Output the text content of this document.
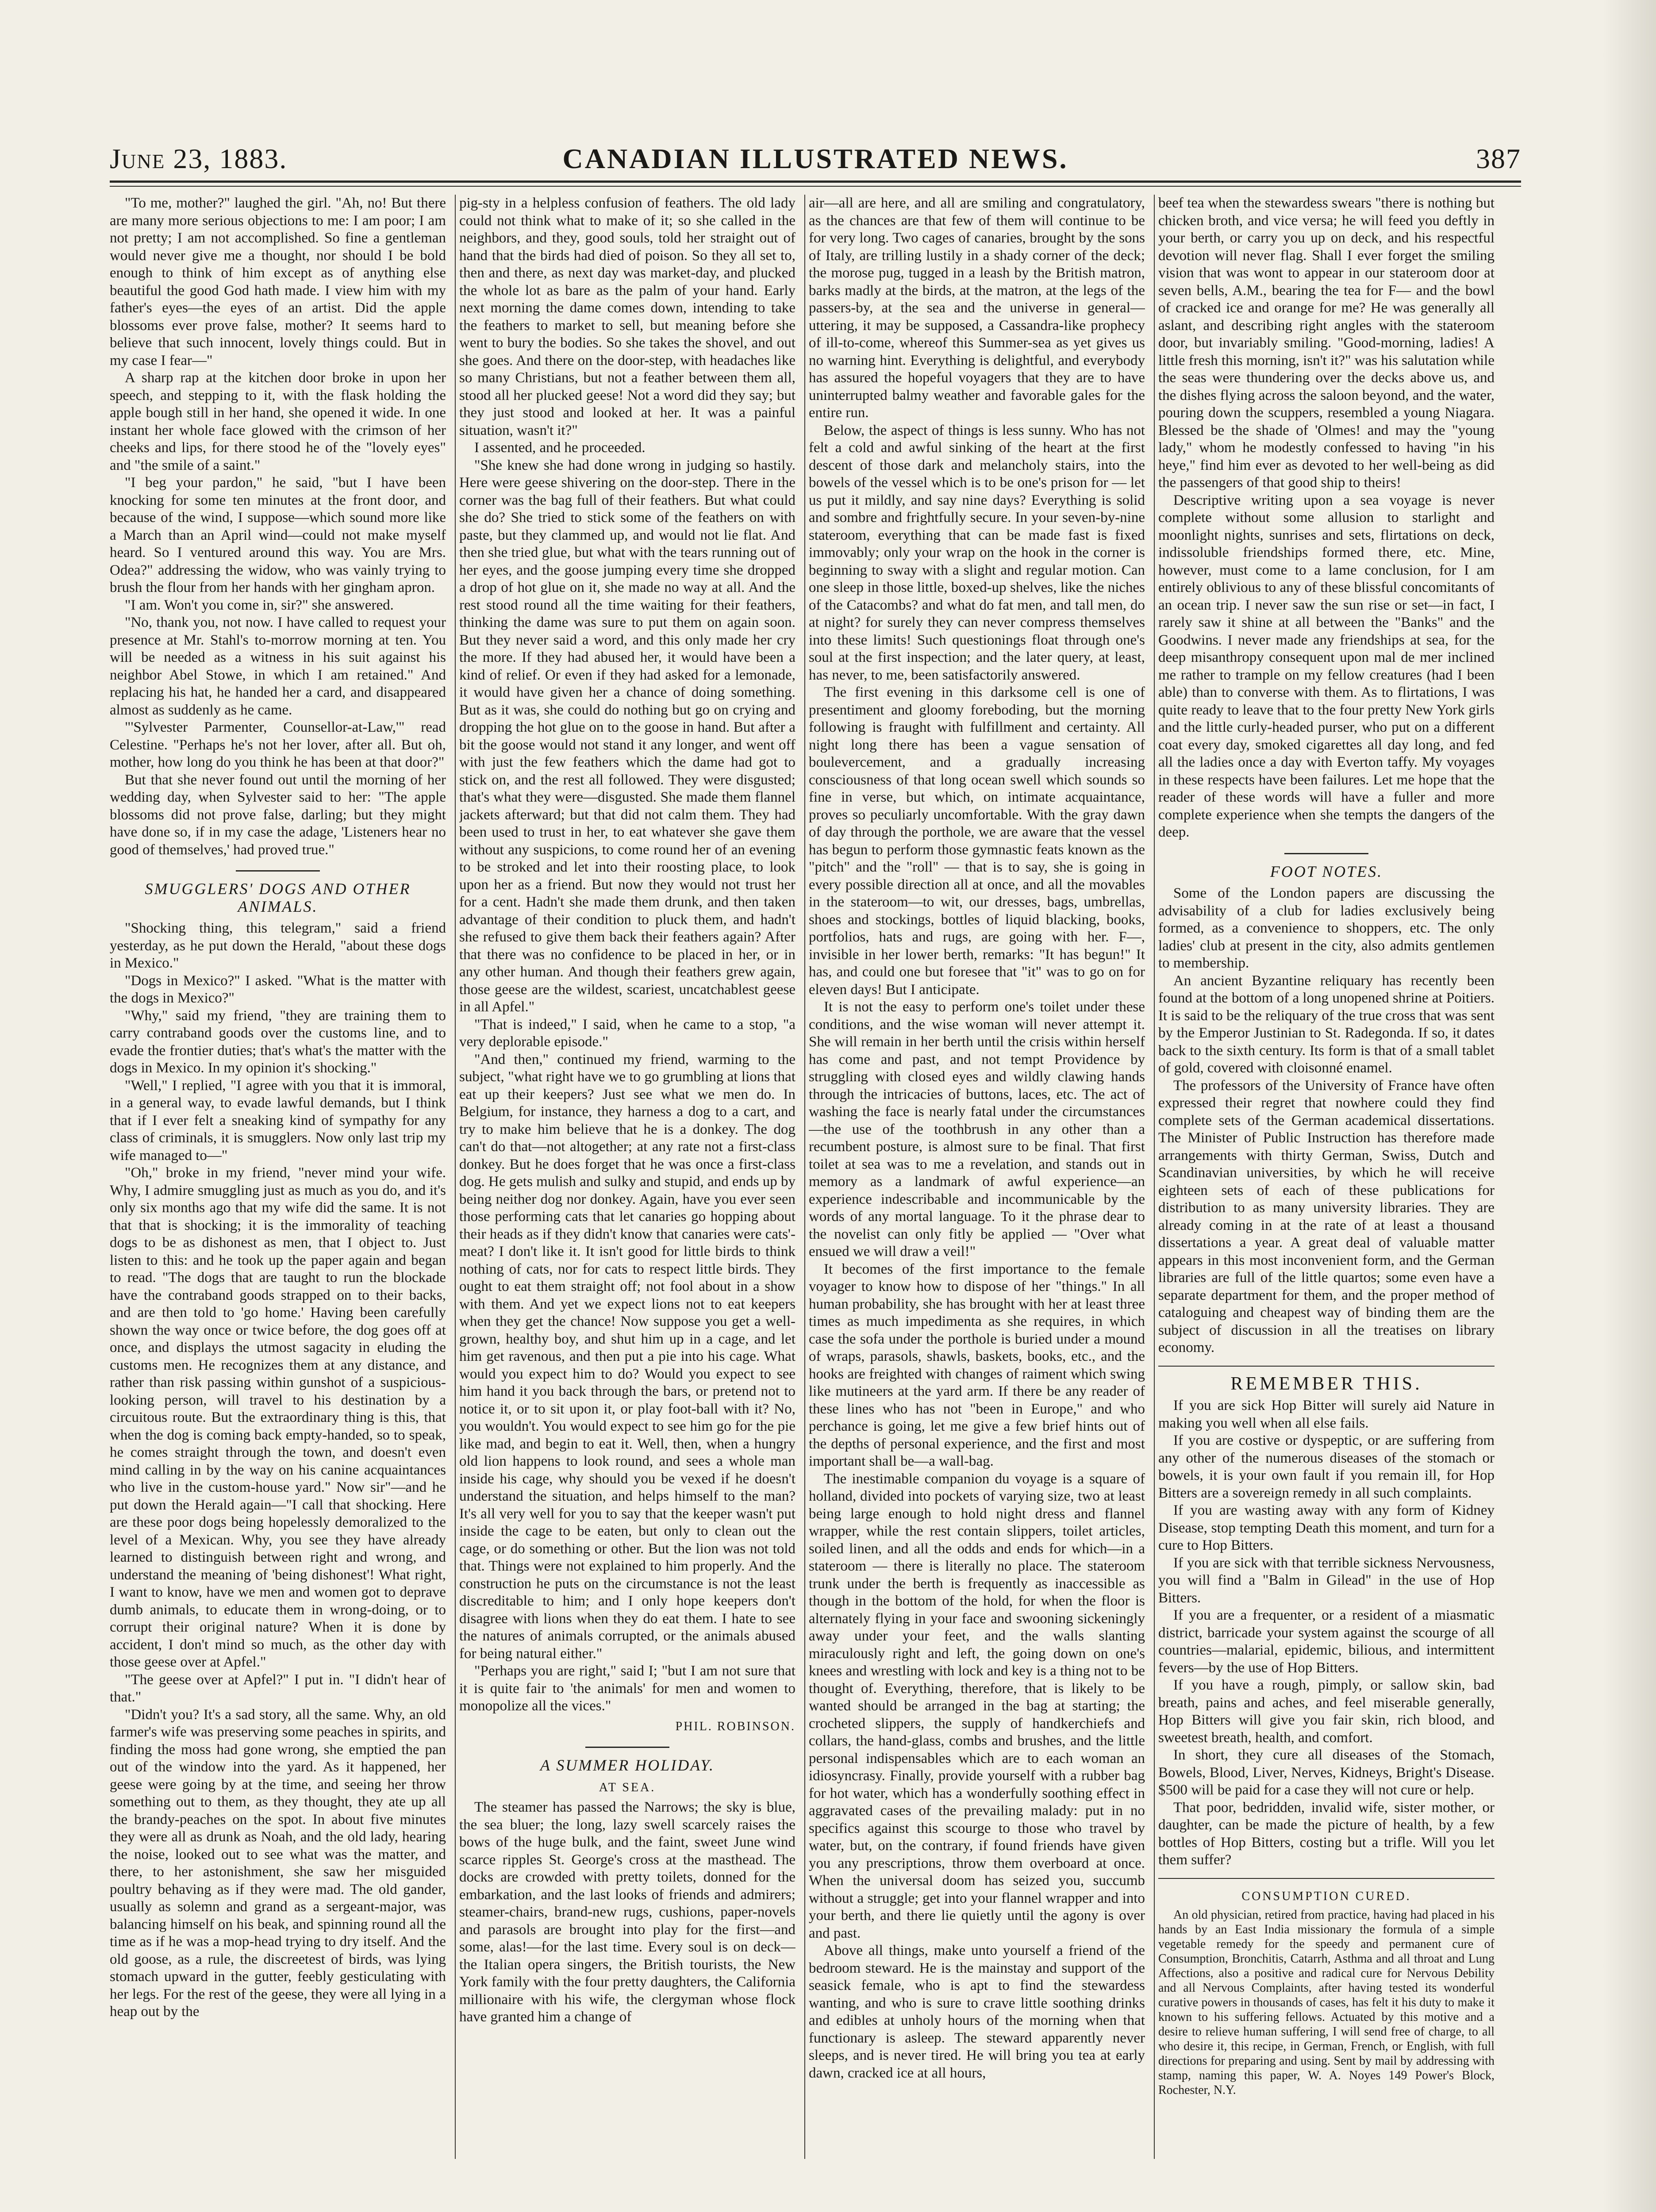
June 23, 1883.	CANADIAN ILLUSTRATED NEWS.	387

"To me, mother?" laughed the girl. "Ah, no! But there are many more serious objections to me: I am poor; I am not pretty; I am not accomplished. So fine a gentleman would never give me a thought, nor should I be bold enough to think of him except as of anything else beautiful the good God hath made. I view him with my father's eyes—the eyes of an artist. Did the apple blossoms ever prove false, mother? It seems hard to believe that such innocent, lovely things could. But in my case I fear—"

A sharp rap at the kitchen door broke in upon her speech, and stepping to it, with the flask holding the apple bough still in her hand, she opened it wide. In one instant her whole face glowed with the crimson of her cheeks and lips, for there stood he of the "lovely eyes" and "the smile of a saint."

"I beg your pardon," he said, "but I have been knocking for some ten minutes at the front door, and because of the wind, I suppose—which sound more like a March than an April wind—could not make myself heard. So I ventured around this way. You are Mrs. Odea?" addressing the widow, who was vainly trying to brush the flour from her hands with her gingham apron.

"I am. Won't you come in, sir?" she answered.

"No, thank you, not now. I have called to request your presence at Mr. Stahl's to-morrow morning at ten. You will be needed as a witness in his suit against his neighbor Abel Stowe, in which I am retained." And replacing his hat, he handed her a card, and disappeared almost as suddenly as he came.

"'Sylvester Parmenter, Counsellor-at-Law,'" read Celestine. "Perhaps he's not her lover, after all. But oh, mother, how long do you think he has been at that door?"

But that she never found out until the morning of her wedding day, when Sylvester said to her: "The apple blossoms did not prove false, darling; but they might have done so, if in my case the adage, 'Listeners hear no good of themselves,' had proved true."

SMUGGLERS' DOGS AND OTHER ANIMALS.

"Shocking thing, this telegram," said a friend yesterday, as he put down the Herald, "about these dogs in Mexico."

"Dogs in Mexico?" I asked. "What is the matter with the dogs in Mexico?"

"Why," said my friend, "they are training them to carry contraband goods over the customs line, and to evade the frontier duties; that's what's the matter with the dogs in Mexico. In my opinion it's shocking."

"Well," I replied, "I agree with you that it is immoral, in a general way, to evade lawful demands, but I think that if I ever felt a sneaking kind of sympathy for any class of criminals, it is smugglers. Now only last trip my wife managed to—"

"Oh," broke in my friend, "never mind your wife. Why, I admire smuggling just as much as you do, and it's only six months ago that my wife did the same. It is not that that is shocking; it is the immorality of teaching dogs to be as dishonest as men, that I object to. Just listen to this: and he took up the paper again and began to read. "The dogs that are taught to run the blockade have the contraband goods strapped on to their backs, and are then told to 'go home.' Having been carefully shown the way once or twice before, the dog goes off at once, and displays the utmost sagacity in eluding the customs men. He recognizes them at any distance, and rather than risk passing within gunshot of a suspicious-looking person, will travel to his destination by a circuitous route. But the extraordinary thing is this, that when the dog is coming back empty-handed, so to speak, he comes straight through the town, and doesn't even mind calling in by the way on his canine acquaintances who live in the custom-house yard." Now sir"—and he put down the Herald again—"I call that shocking. Here are these poor dogs being hopelessly demoralized to the level of a Mexican. Why, you see they have already learned to distinguish between right and wrong, and understand the meaning of 'being dishonest'! What right, I want to know, have we men and women got to deprave dumb animals, to educate them in wrong-doing, or to corrupt their original nature? When it is done by accident, I don't mind so much, as the other day with those geese over at Apfel."

"The geese over at Apfel?" I put in. "I didn't hear of that."

"Didn't you? It's a sad story, all the same. Why, an old farmer's wife was preserving some peaches in spirits, and finding the moss had gone wrong, she emptied the pan out of the window into the yard. As it happened, her geese were going by at the time, and seeing her throw something out to them, as they thought, they ate up all the brandy-peaches on the spot. In about five minutes they were all as drunk as Noah, and the old lady, hearing the noise, looked out to see what was the matter, and there, to her astonishment, she saw her misguided poultry behaving as if they were mad. The old gander, usually as solemn and grand as a sergeant-major, was balancing himself on his beak, and spinning round all the time as if he was a mop-head trying to dry itself. And the old goose, as a rule, the discreetest of birds, was lying stomach upward in the gutter, feebly gesticulating with her legs. For the rest of the geese, they were all lying in a heap out by the

pig-sty in a helpless confusion of feathers. The old lady could not think what to make of it; so she called in the neighbors, and they, good souls, told her straight out of hand that the birds had died of poison. So they all set to, then and there, as next day was market-day, and plucked the whole lot as bare as the palm of your hand. Early next morning the dame comes down, intending to take the feathers to market to sell, but meaning before she went to bury the bodies. So she takes the shovel, and out she goes. And there on the door-step, with headaches like so many Christians, but not a feather between them all, stood all her plucked geese! Not a word did they say; but they just stood and looked at her. It was a painful situation, wasn't it?"

I assented, and he proceeded.

"She knew she had done wrong in judging so hastily. Here were geese shivering on the door-step. There in the corner was the bag full of their feathers. But what could she do? She tried to stick some of the feathers on with paste, but they clammed up, and would not lie flat. And then she tried glue, but what with the tears running out of her eyes, and the goose jumping every time she dropped a drop of hot glue on it, she made no way at all. And the rest stood round all the time waiting for their feathers, thinking the dame was sure to put them on again soon. But they never said a word, and this only made her cry the more. If they had abused her, it would have been a kind of relief. Or even if they had asked for a lemonade, it would have given her a chance of doing something. But as it was, she could do nothing but go on crying and dropping the hot glue on to the goose in hand. But after a bit the goose would not stand it any longer, and went off with just the few feathers which the dame had got to stick on, and the rest all followed. They were disgusted; that's what they were—disgusted. She made them flannel jackets afterward; but that did not calm them. They had been used to trust in her, to eat whatever she gave them without any suspicions, to come round her of an evening to be stroked and let into their roosting place, to look upon her as a friend. But now they would not trust her for a cent. Hadn't she made them drunk, and then taken advantage of their condition to pluck them, and hadn't she refused to give them back their feathers again? After that there was no confidence to be placed in her, or in any other human. And though their feathers grew again, those geese are the wildest, scariest, uncatchablest geese in all Apfel."

"That is indeed," I said, when he came to a stop, "a very deplorable episode."

"And then," continued my friend, warming to the subject, "what right have we to go grumbling at lions that eat up their keepers? Just see what we men do. In Belgium, for instance, they harness a dog to a cart, and try to make him believe that he is a donkey. The dog can't do that—not altogether; at any rate not a first-class donkey. But he does forget that he was once a first-class dog. He gets mulish and sulky and stupid, and ends up by being neither dog nor donkey. Again, have you ever seen those performing cats that let canaries go hopping about their heads as if they didn't know that canaries were cats'-meat? I don't like it. It isn't good for little birds to think nothing of cats, nor for cats to respect little birds. They ought to eat them straight off; not fool about in a show with them. And yet we expect lions not to eat keepers when they get the chance! Now suppose you get a well-grown, healthy boy, and shut him up in a cage, and let him get ravenous, and then put a pie into his cage. What would you expect him to do? Would you expect to see him hand it you back through the bars, or pretend not to notice it, or to sit upon it, or play foot-ball with it? No, you wouldn't. You would expect to see him go for the pie like mad, and begin to eat it. Well, then, when a hungry old lion happens to look round, and sees a whole man inside his cage, why should you be vexed if he doesn't understand the situation, and helps himself to the man? It's all very well for you to say that the keeper wasn't put inside the cage to be eaten, but only to clean out the cage, or do something or other. But the lion was not told that. Things were not explained to him properly. And the construction he puts on the circumstance is not the least discreditable to him; and I only hope keepers don't disagree with lions when they do eat them. I hate to see the natures of animals corrupted, or the animals abused for being natural either."

"Perhaps you are right," said I; "but I am not sure that it is quite fair to 'the animals' for men and women to monopolize all the vices."

PHIL. ROBINSON.
A SUMMER HOLIDAY.
AT SEA.

The steamer has passed the Narrows; the sky is blue, the sea bluer; the long, lazy swell scarcely raises the bows of the huge bulk, and the faint, sweet June wind scarce ripples St. George's cross at the masthead. The docks are crowded with pretty toilets, donned for the embarkation, and the last looks of friends and admirers; steamer-chairs, brand-new rugs, cushions, paper-novels and parasols are brought into play for the first—and some, alas!—for the last time. Every soul is on deck—the Italian opera singers, the British tourists, the New York family with the four pretty daughters, the California millionaire with his wife, the clergyman whose flock have granted him a change of

air—all are here, and all are smiling and congratulatory, as the chances are that few of them will continue to be for very long. Two cages of canaries, brought by the sons of Italy, are trilling lustily in a shady corner of the deck; the morose pug, tugged in a leash by the British matron, barks madly at the birds, at the matron, at the legs of the passers-by, at the sea and the universe in general—uttering, it may be supposed, a Cassandra-like prophecy of ill-to-come, whereof this Summer-sea as yet gives us no warning hint. Everything is delightful, and everybody has assured the hopeful voyagers that they are to have uninterrupted balmy weather and favorable gales for the entire run.

Below, the aspect of things is less sunny. Who has not felt a cold and awful sinking of the heart at the first descent of those dark and melancholy stairs, into the bowels of the vessel which is to be one's prison for — let us put it mildly, and say nine days? Everything is solid and sombre and frightfully secure. In your seven-by-nine stateroom, everything that can be made fast is fixed immovably; only your wrap on the hook in the corner is beginning to sway with a slight and regular motion. Can one sleep in those little, boxed-up shelves, like the niches of the Catacombs? and what do fat men, and tall men, do at night? for surely they can never compress themselves into these limits! Such questionings float through one's soul at the first inspection; and the later query, at least, has never, to me, been satisfactorily answered.

The first evening in this darksome cell is one of presentiment and gloomy foreboding, but the morning following is fraught with fulfillment and certainty. All night long there has been a vague sensation of boulevercement, and a gradually increasing consciousness of that long ocean swell which sounds so fine in verse, but which, on intimate acquaintance, proves so peculiarly uncomfortable. With the gray dawn of day through the porthole, we are aware that the vessel has begun to perform those gymnastic feats known as the "pitch" and the "roll" — that is to say, she is going in every possible direction all at once, and all the movables in the stateroom—to wit, our dresses, bags, umbrellas, shoes and stockings, bottles of liquid blacking, books, portfolios, hats and rugs, are going with her. F—, invisible in her lower berth, remarks: "It has begun!" It has, and could one but foresee that "it" was to go on for eleven days! But I anticipate.

It is not the easy to perform one's toilet under these conditions, and the wise woman will never attempt it. She will remain in her berth until the crisis within herself has come and past, and not tempt Providence by struggling with closed eyes and wildly clawing hands through the intricacies of buttons, laces, etc. The act of washing the face is nearly fatal under the circumstances—the use of the toothbrush in any other than a recumbent posture, is almost sure to be final. That first toilet at sea was to me a revelation, and stands out in memory as a landmark of awful experience—an experience indescribable and incommunicable by the words of any mortal language. To it the phrase dear to the novelist can only fitly be applied — "Over what ensued we will draw a veil!"

It becomes of the first importance to the female voyager to know how to dispose of her "things." In all human probability, she has brought with her at least three times as much impedimenta as she requires, in which case the sofa under the porthole is buried under a mound of wraps, parasols, shawls, baskets, books, etc., and the hooks are freighted with changes of raiment which swing like mutineers at the yard arm. If there be any reader of these lines who has not "been in Europe," and who perchance is going, let me give a few brief hints out of the depths of personal experience, and the first and most important shall be—a wall-bag.

The inestimable companion du voyage is a square of holland, divided into pockets of varying size, two at least being large enough to hold night dress and flannel wrapper, while the rest contain slippers, toilet articles, soiled linen, and all the odds and ends for which—in a stateroom — there is literally no place. The stateroom trunk under the berth is frequently as inaccessible as though in the bottom of the hold, for when the floor is alternately flying in your face and swooning sickeningly away under your feet, and the walls slanting miraculously right and left, the going down on one's knees and wrestling with lock and key is a thing not to be thought of. Everything, therefore, that is likely to be wanted should be arranged in the bag at starting; the crocheted slippers, the supply of handkerchiefs and collars, the hand-glass, combs and brushes, and the little personal indispensables which are to each woman an idiosyncrasy. Finally, provide yourself with a rubber bag for hot water, which has a wonderfully soothing effect in aggravated cases of the prevailing malady: put in no specifics against this scourge to those who travel by water, but, on the contrary, if found friends have given you any prescriptions, throw them overboard at once. When the universal doom has seized you, succumb without a struggle; get into your flannel wrapper and into your berth, and there lie quietly until the agony is over and past.

Above all things, make unto yourself a friend of the bedroom steward. He is the mainstay and support of the seasick female, who is apt to find the stewardess wanting, and who is sure to crave little soothing drinks and edibles at unholy hours of the morning when that functionary is asleep. The steward apparently never sleeps, and is never tired. He will bring you tea at early dawn, cracked ice at all hours,

beef tea when the stewardess swears "there is nothing but chicken broth, and vice versa; he will feed you deftly in your berth, or carry you up on deck, and his respectful devotion will never flag. Shall I ever forget the smiling vision that was wont to appear in our stateroom door at seven bells, A.M., bearing the tea for F— and the bowl of cracked ice and orange for me? He was generally all aslant, and describing right angles with the stateroom door, but invariably smiling. "Good-morning, ladies! A little fresh this morning, isn't it?" was his salutation while the seas were thundering over the decks above us, and the dishes flying across the saloon beyond, and the water, pouring down the scuppers, resembled a young Niagara. Blessed be the shade of 'Olmes! and may the "young lady," whom he modestly confessed to having "in his heye," find him ever as devoted to her well-being as did the passengers of that good ship to theirs!

Descriptive writing upon a sea voyage is never complete without some allusion to starlight and moonlight nights, sunrises and sets, flirtations on deck, indissoluble friendships formed there, etc. Mine, however, must come to a lame conclusion, for I am entirely oblivious to any of these blissful concomitants of an ocean trip. I never saw the sun rise or set—in fact, I rarely saw it shine at all between the "Banks" and the Goodwins. I never made any friendships at sea, for the deep misanthropy consequent upon mal de mer inclined me rather to trample on my fellow creatures (had I been able) than to converse with them. As to flirtations, I was quite ready to leave that to the four pretty New York girls and the little curly-headed purser, who put on a different coat every day, smoked cigarettes all day long, and fed all the ladies once a day with Everton taffy. My voyages in these respects have been failures. Let me hope that the reader of these words will have a fuller and more complete experience when she tempts the dangers of the deep.

FOOT NOTES.

Some of the London papers are discussing the advisability of a club for ladies exclusively being formed, as a convenience to shoppers, etc. The only ladies' club at present in the city, also admits gentlemen to membership.

An ancient Byzantine reliquary has recently been found at the bottom of a long unopened shrine at Poitiers. It is said to be the reliquary of the true cross that was sent by the Emperor Justinian to St. Radegonda. If so, it dates back to the sixth century. Its form is that of a small tablet of gold, covered with cloisonné enamel.

The professors of the University of France have often expressed their regret that nowhere could they find complete sets of the German academical dissertations. The Minister of Public Instruction has therefore made arrangements with thirty German, Swiss, Dutch and Scandinavian universities, by which he will receive eighteen sets of each of these publications for distribution to as many university libraries. They are already coming in at the rate of at least a thousand dissertations a year. A great deal of valuable matter appears in this most inconvenient form, and the German libraries are full of the little quartos; some even have a separate department for them, and the proper method of cataloguing and cheapest way of binding them are the subject of discussion in all the treatises on library economy.

REMEMBER THIS.

If you are sick Hop Bitter will surely aid Nature in making you well when all else fails.

If you are costive or dyspeptic, or are suffering from any other of the numerous diseases of the stomach or bowels, it is your own fault if you remain ill, for Hop Bitters are a sovereign remedy in all such complaints.

If you are wasting away with any form of Kidney Disease, stop tempting Death this moment, and turn for a cure to Hop Bitters.

If you are sick with that terrible sickness Nervousness, you will find a "Balm in Gilead" in the use of Hop Bitters.

If you are a frequenter, or a resident of a miasmatic district, barricade your system against the scourge of all countries—malarial, epidemic, bilious, and intermittent fevers—by the use of Hop Bitters.

If you have a rough, pimply, or sallow skin, bad breath, pains and aches, and feel miserable generally, Hop Bitters will give you fair skin, rich blood, and sweetest breath, health, and comfort.

In short, they cure all diseases of the Stomach, Bowels, Blood, Liver, Nerves, Kidneys, Bright's Disease. $500 will be paid for a case they will not cure or help.

That poor, bedridden, invalid wife, sister mother, or daughter, can be made the picture of health, by a few bottles of Hop Bitters, costing but a trifle. Will you let them suffer?

CONSUMPTION CURED.

An old physician, retired from practice, having had placed in his hands by an East India missionary the formula of a simple vegetable remedy for the speedy and permanent cure of Consumption, Bronchitis, Catarrh, Asthma and all throat and Lung Affections, also a positive and radical cure for Nervous Debility and all Nervous Complaints, after having tested its wonderful curative powers in thousands of cases, has felt it his duty to make it known to his suffering fellows. Actuated by this motive and a desire to relieve human suffering, I will send free of charge, to all who desire it, this recipe, in German, French, or English, with full directions for preparing and using. Sent by mail by addressing with stamp, naming this paper, W. A. Noyes 149 Power's Block, Rochester, N.Y.
